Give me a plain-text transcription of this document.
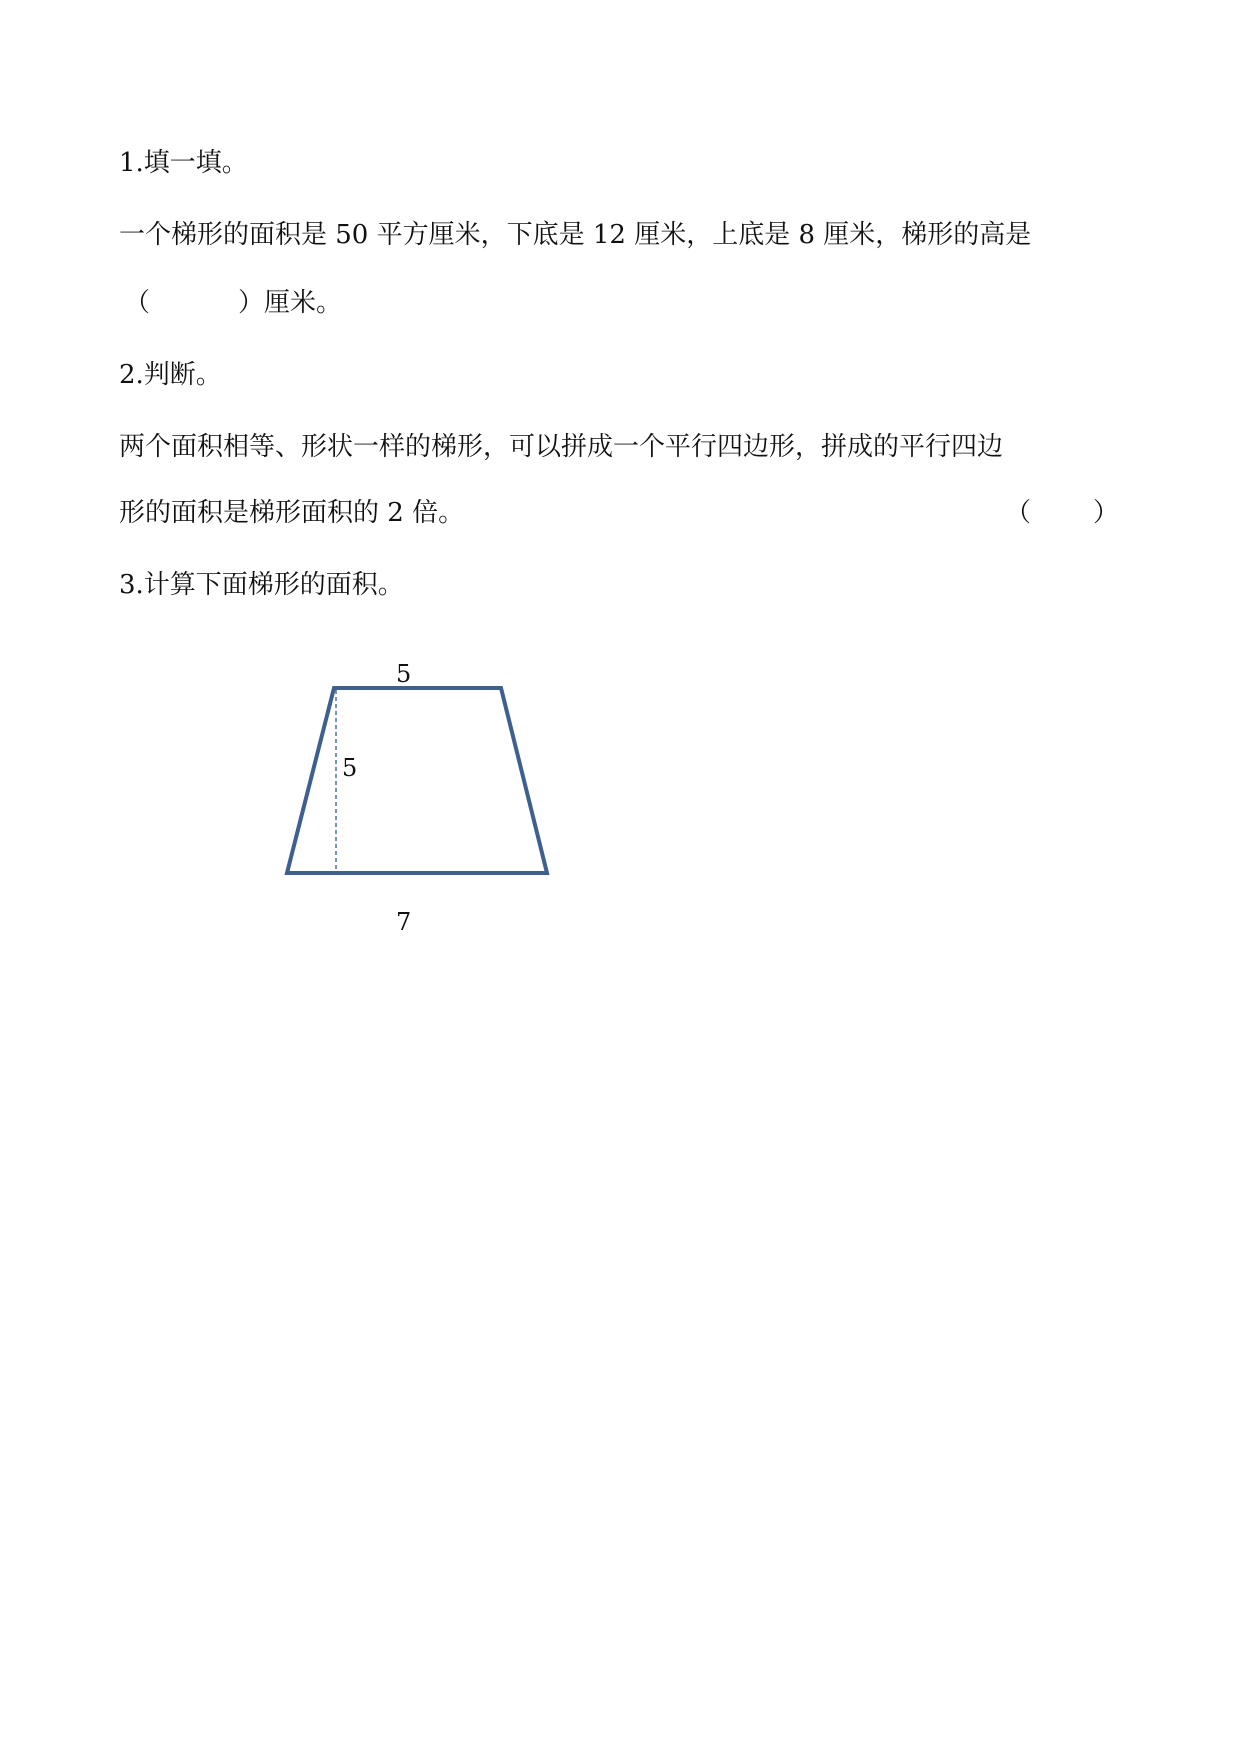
1.填一填。
一个梯形的面积是 50 平方厘米，下底是 12 厘米，上底是 8 厘米，梯形的高是
（	）厘米。
2.判断。
两个面积相等、形状一样的梯形，可以拼成一个平行四边形，拼成的平行四边
形的面积是梯形面积的 2 倍。	（ ）
3.计算下面梯形的面积。
5
5
7
